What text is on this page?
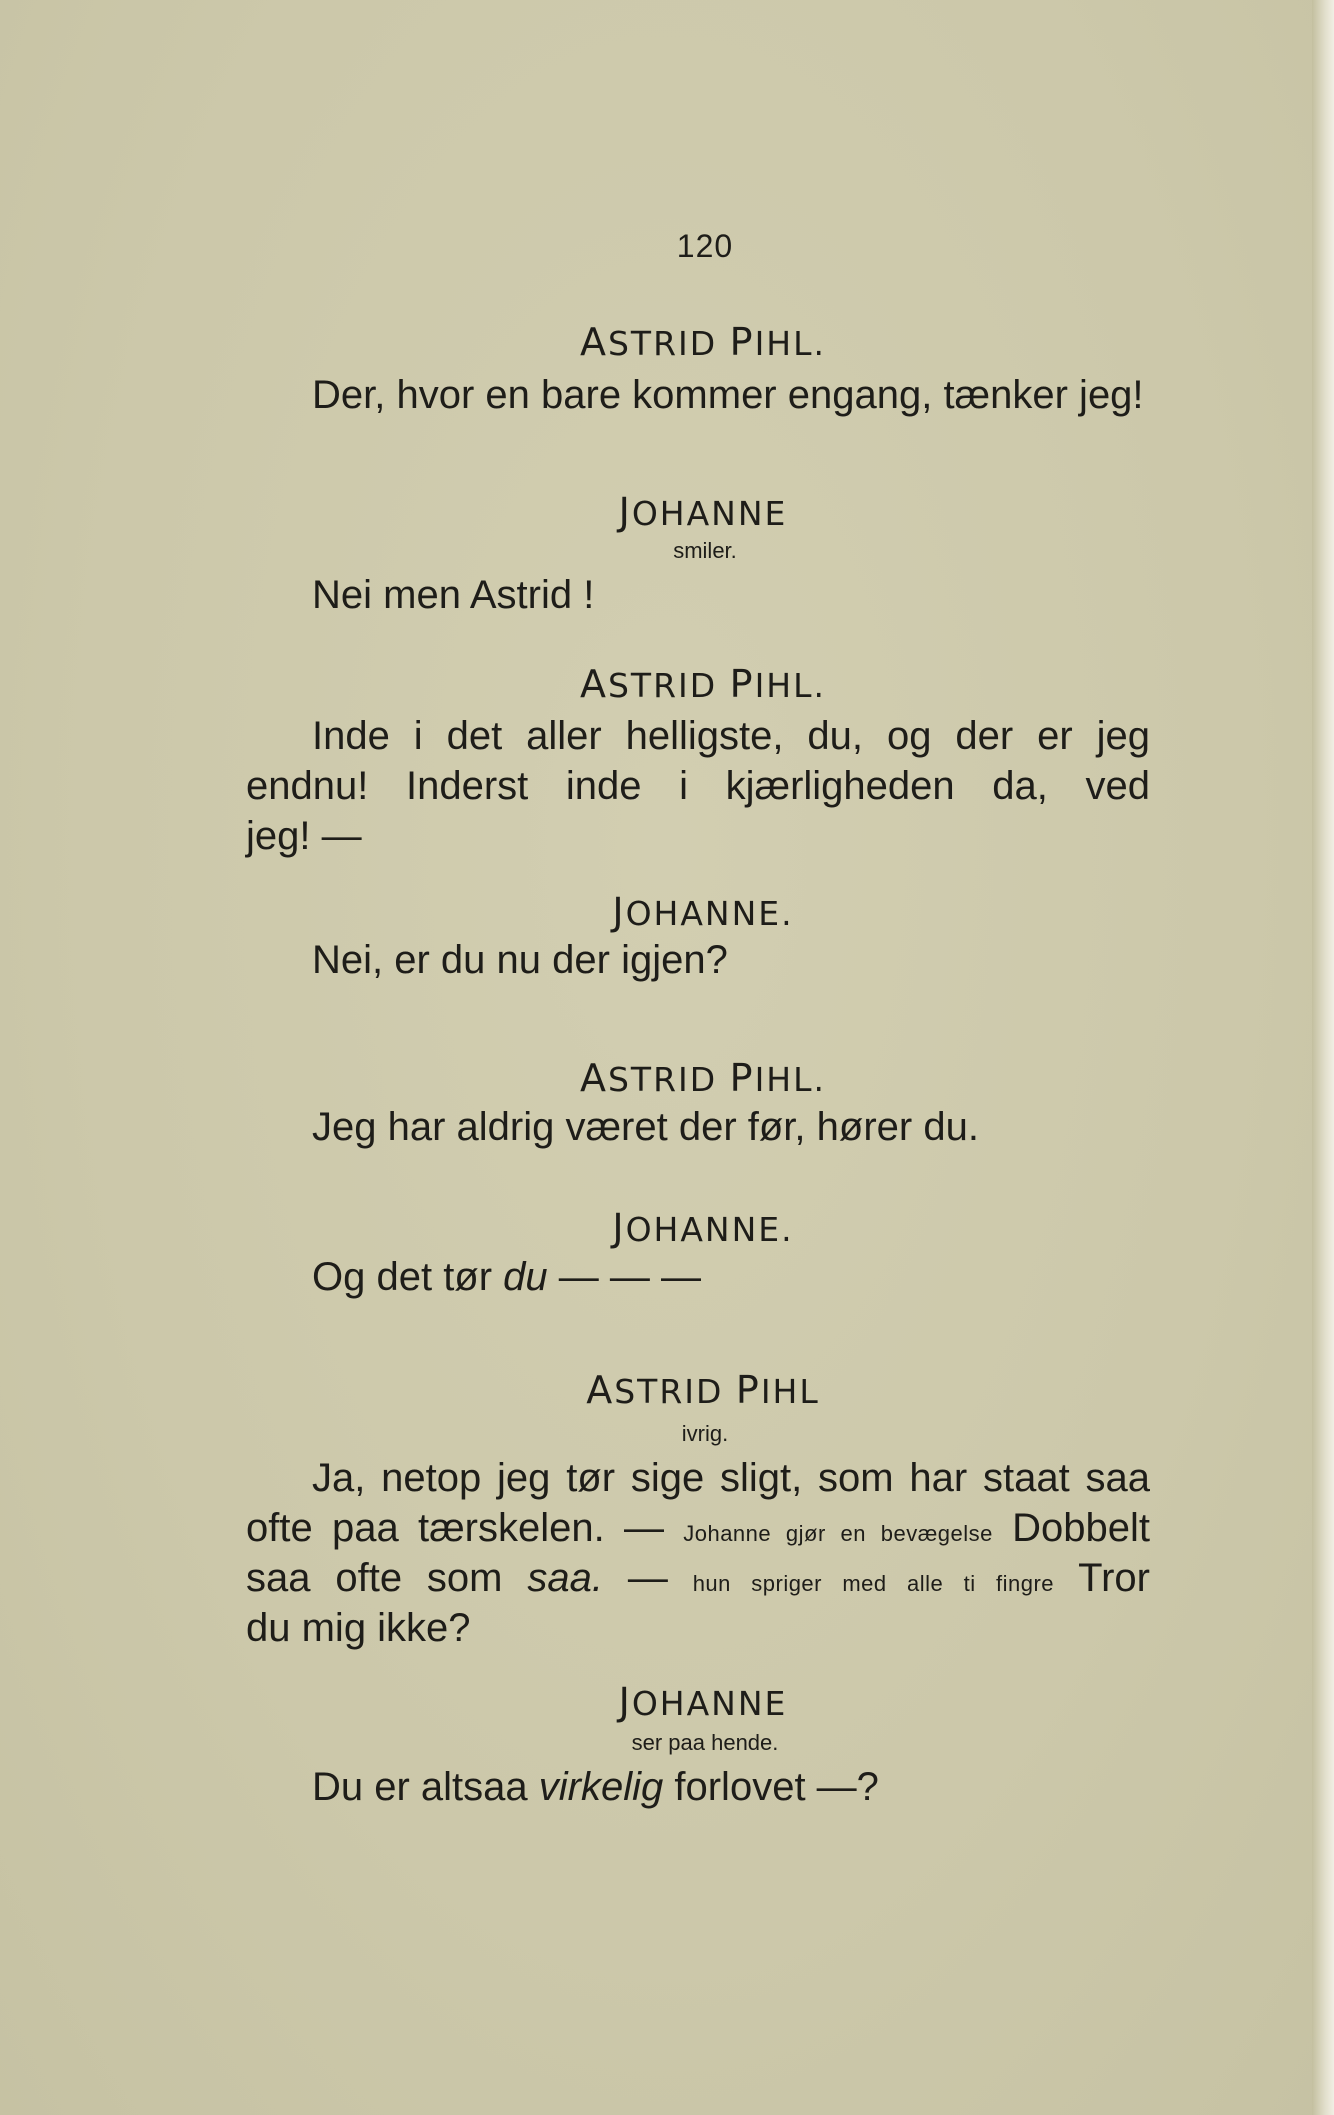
120
ASTRID PIHL.
Der, hvor en bare kommer engang, tænker jeg!
JOHANNE
smiler.
Nei men Astrid !
ASTRID PIHL.
Inde i det aller helligste, du, og der er jeg
endnu! Inderst inde i kjærligheden da, ved
jeg! —
JOHANNE.
Nei, er du nu der igjen?
ASTRID PIHL.
Jeg har aldrig været der før, hører du.
JOHANNE.
Og det tør du — — —
ASTRID PIHL
ivrig.
Ja, netop jeg tør sige sligt, som har staat saa
ofte paa tærskelen. — Johanne gjør en bevægelse Dobbelt
saa ofte som saa. — hun spriger med alle ti fingre Tror
du mig ikke?
JOHANNE
ser paa hende.
Du er altsaa virkelig forlovet —?
